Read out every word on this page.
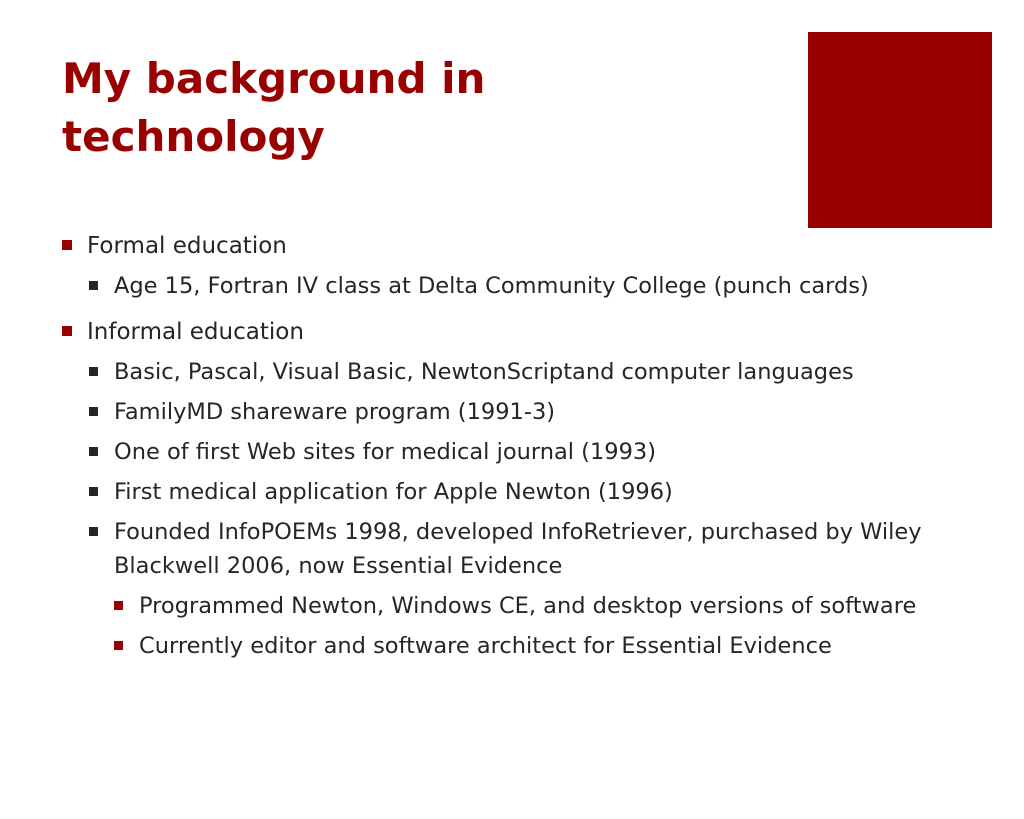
My background in
technology
Formal education
Age 15, Fortran IV class at Delta Community College (punch cards)
Informal education
Basic, Pascal, Visual Basic, NewtonScriptand computer languages
FamilyMD shareware program (1991-3)
One of first Web sites for medical journal (1993)
First medical application for Apple Newton (1996)
Founded InfoPOEMs 1998, developed InfoRetriever, purchased by Wiley Blackwell 2006, now Essential Evidence
Programmed Newton, Windows CE, and desktop versions of software
Currently editor and software architect for Essential Evidence
